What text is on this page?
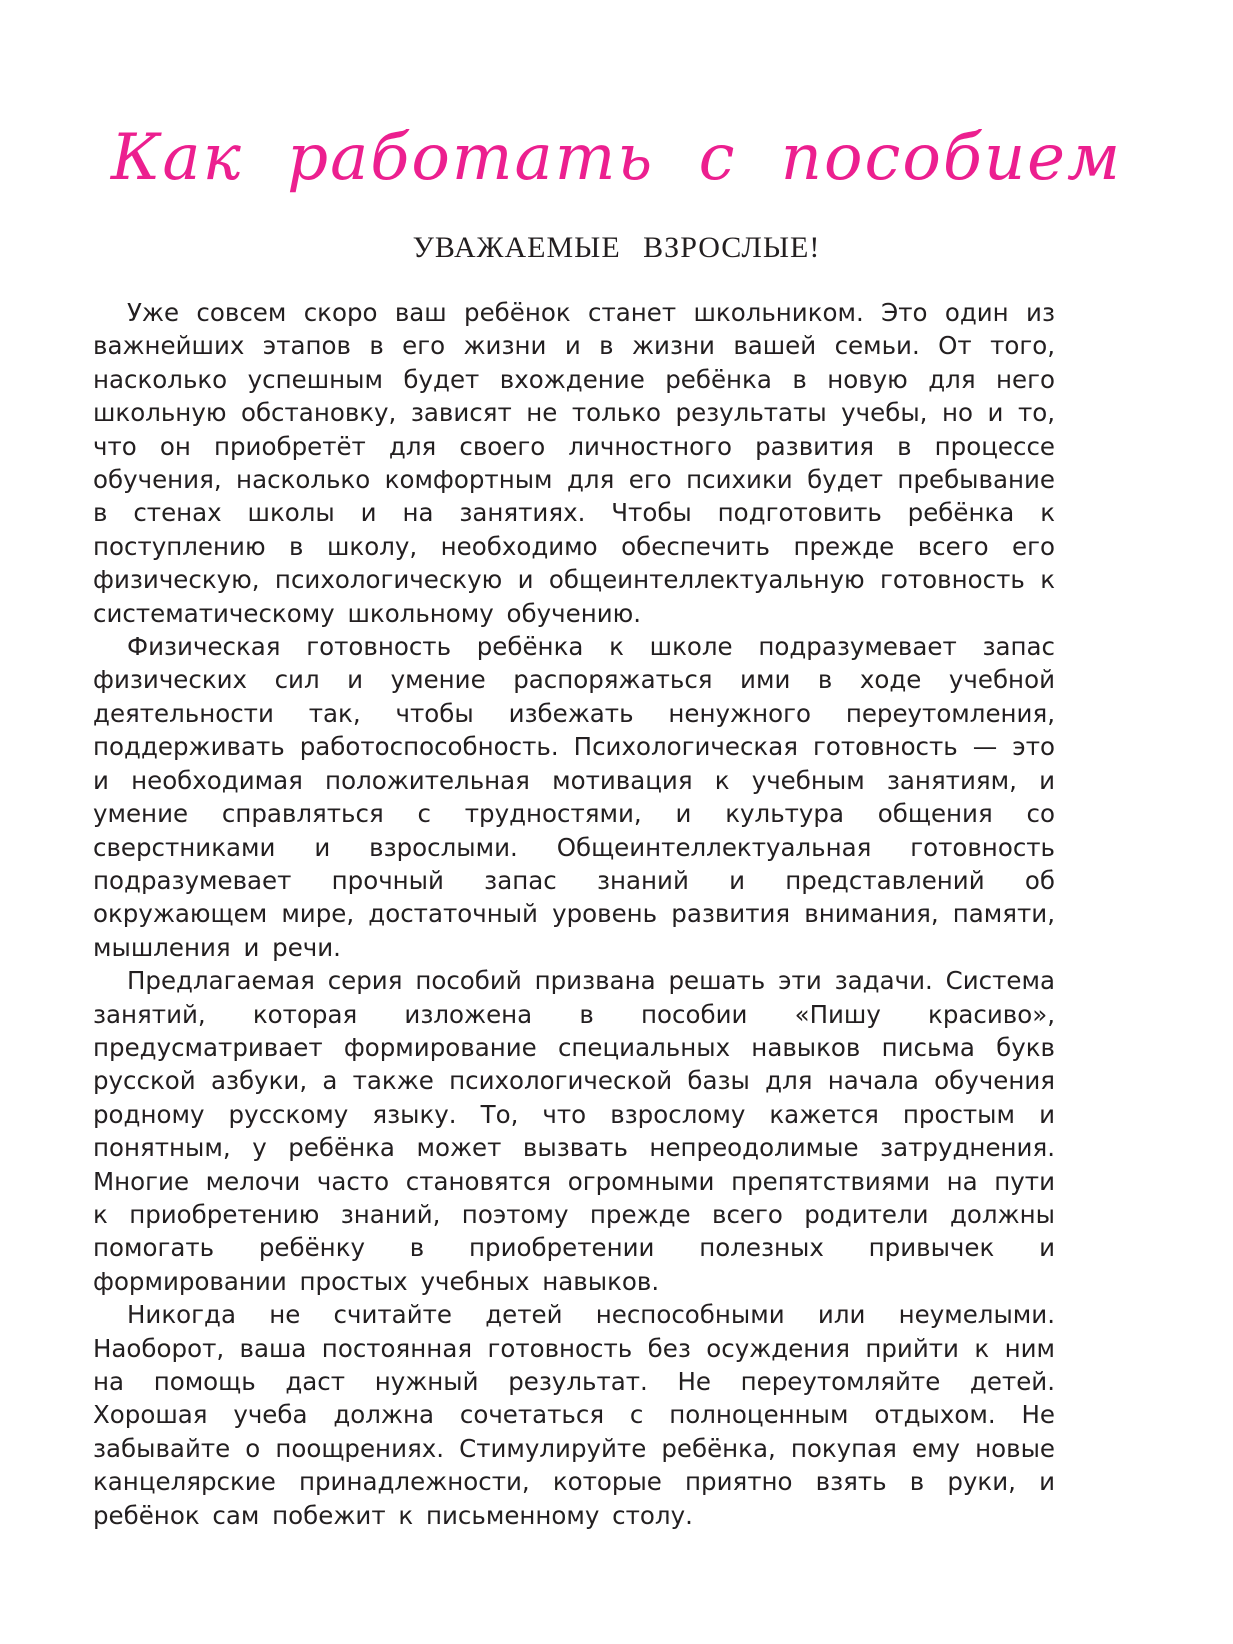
Как работать с пособием
УВАЖАЕМЫЕ ВЗРОСЛЫЕ!

Уже совсем скоро ваш ребёнок станет школьником. Это один из важнейших этапов в его жизни и в жизни вашей семьи. От того, насколько успешным будет вхождение ребёнка в новую для него школьную обстановку, зависят не только результаты учебы, но и то, что он приобретёт для своего личностного развития в процессе обучения, насколько комфортным для его психики будет пребывание в стенах школы и на занятиях. Чтобы подготовить ребёнка к поступлению в школу, необходимо обеспечить прежде всего его физическую, психологическую и общеинтеллектуальную готовность к систематическому школьному обучению.

Физическая готовность ребёнка к школе подразумевает запас физических сил и умение распоряжаться ими в ходе учебной деятельности так, чтобы избежать ненужного переутомления, поддерживать работоспособность. Психологическая готовность — это и необходимая положительная мотивация к учебным занятиям, и умение справляться с трудностями, и культура общения со сверстниками и взрослыми. Общеинтеллектуальная готовность подразумевает прочный запас знаний и представлений об окружающем мире, достаточный уровень развития внимания, памяти, мышления и речи.

Предлагаемая серия пособий призвана решать эти задачи. Система занятий, которая изложена в пособии «Пишу красиво», предусматривает формирование специальных навыков письма букв русской азбуки, а также психологической базы для начала обучения родному русскому языку. То, что взрослому кажется простым и понятным, у ребёнка может вызвать непреодолимые затруднения. Многие мелочи часто становятся огромными препятствиями на пути к приобретению знаний, поэтому прежде всего родители должны помогать ребёнку в приобретении полезных привычек и формировании простых учебных навыков.

Никогда не считайте детей неспособными или неумелыми. Наоборот, ваша постоянная готовность без осуждения прийти к ним на помощь даст нужный результат. Не переутомляйте детей. Хорошая учеба должна сочетаться с полноценным отдыхом. Не забывайте о поощрениях. Стимулируйте ребёнка, покупая ему новые канцелярские принадлежности, которые приятно взять в руки, и ребёнок сам побежит к письменному столу.
